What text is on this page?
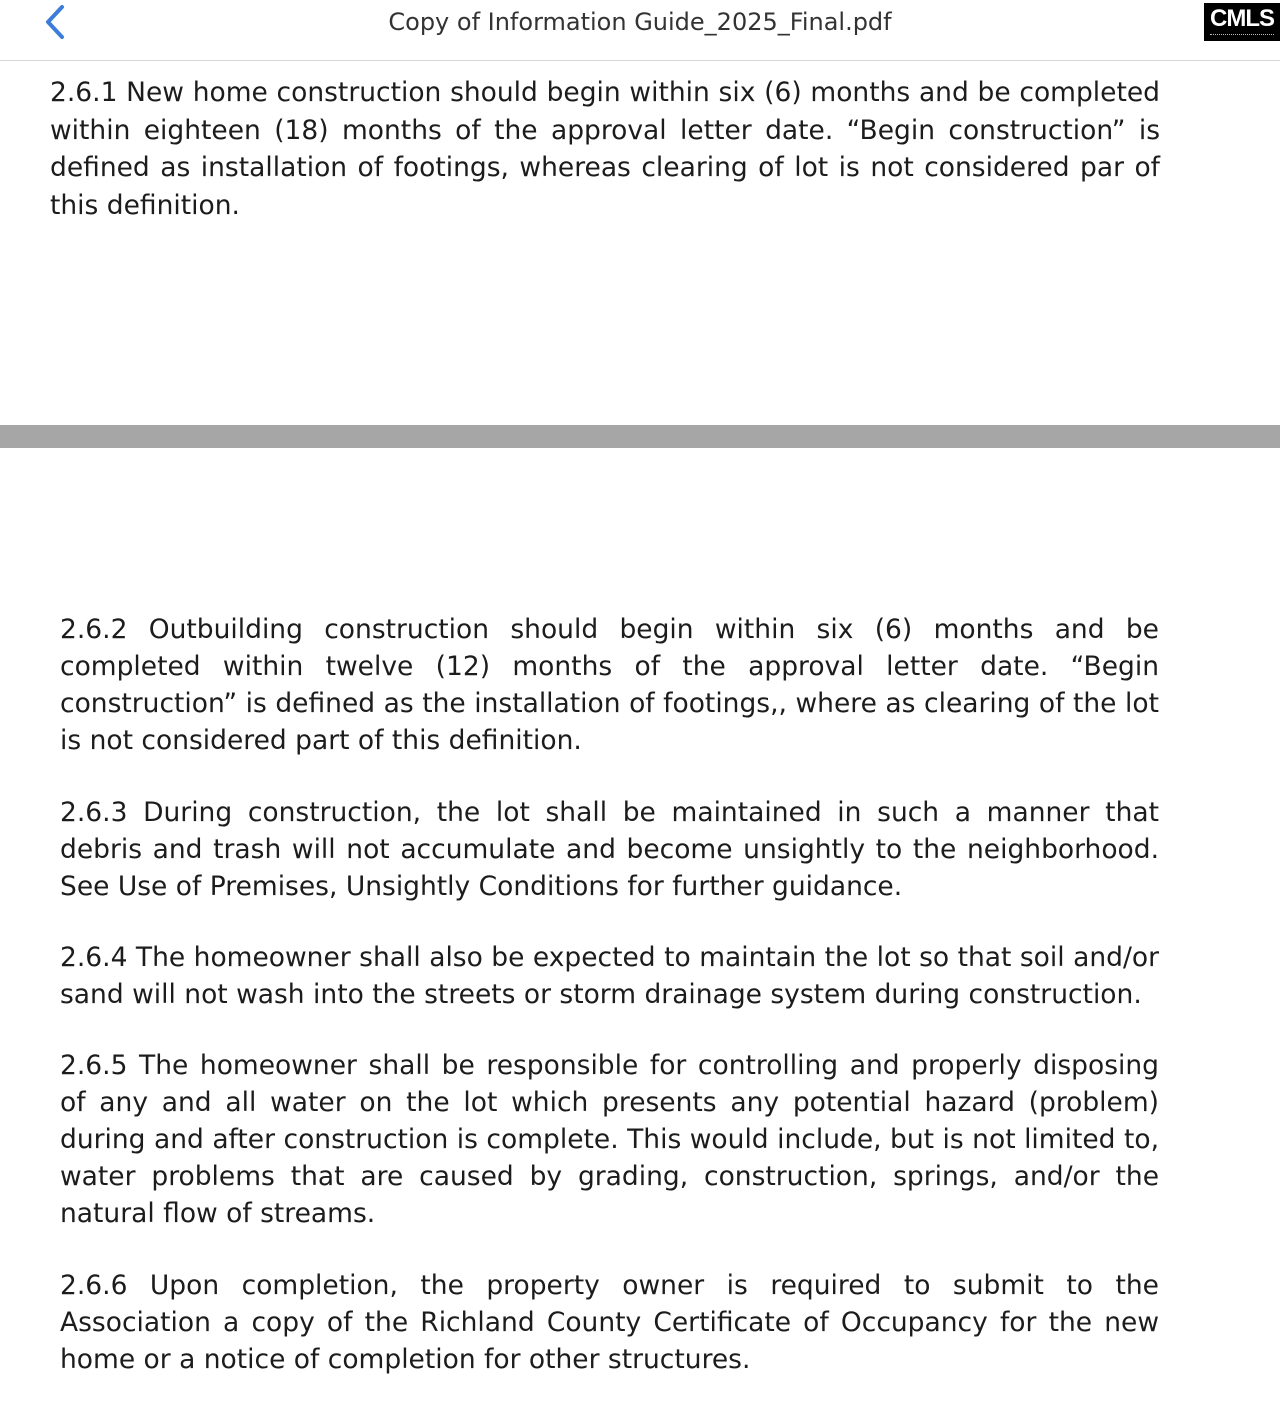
Copy of Information Guide_2025_Final.pdf	CMLS

2.6.1 New home construction should begin within six (6) months and be completed within eighteen (18) months of the approval letter date. “Begin construction” is defined as installation of footings, whereas clearing of lot is not considered par of this definition.

2.6.2 Outbuilding construction should begin within six (6) months and be completed within twelve (12) months of the approval letter date. “Begin construction” is defined as the installation of footings,, where as clearing of the lot is not considered part of this definition.

2.6.3 During construction, the lot shall be maintained in such a manner that debris and trash will not accumulate and become unsightly to the neighborhood. See Use of Premises, Unsightly Conditions for further guidance.

2.6.4 The homeowner shall also be expected to maintain the lot so that soil and/or sand will not wash into the streets or storm drainage system during construction.

2.6.5 The homeowner shall be responsible for controlling and properly disposing of any and all water on the lot which presents any potential hazard (problem) during and after construction is complete. This would include, but is not limited to, water problems that are caused by grading, construction, springs, and/or the natural flow of streams.

2.6.6 Upon completion, the property owner is required to submit to the Association a copy of the Richland County Certificate of Occupancy for the new home or a notice of completion for other structures.
